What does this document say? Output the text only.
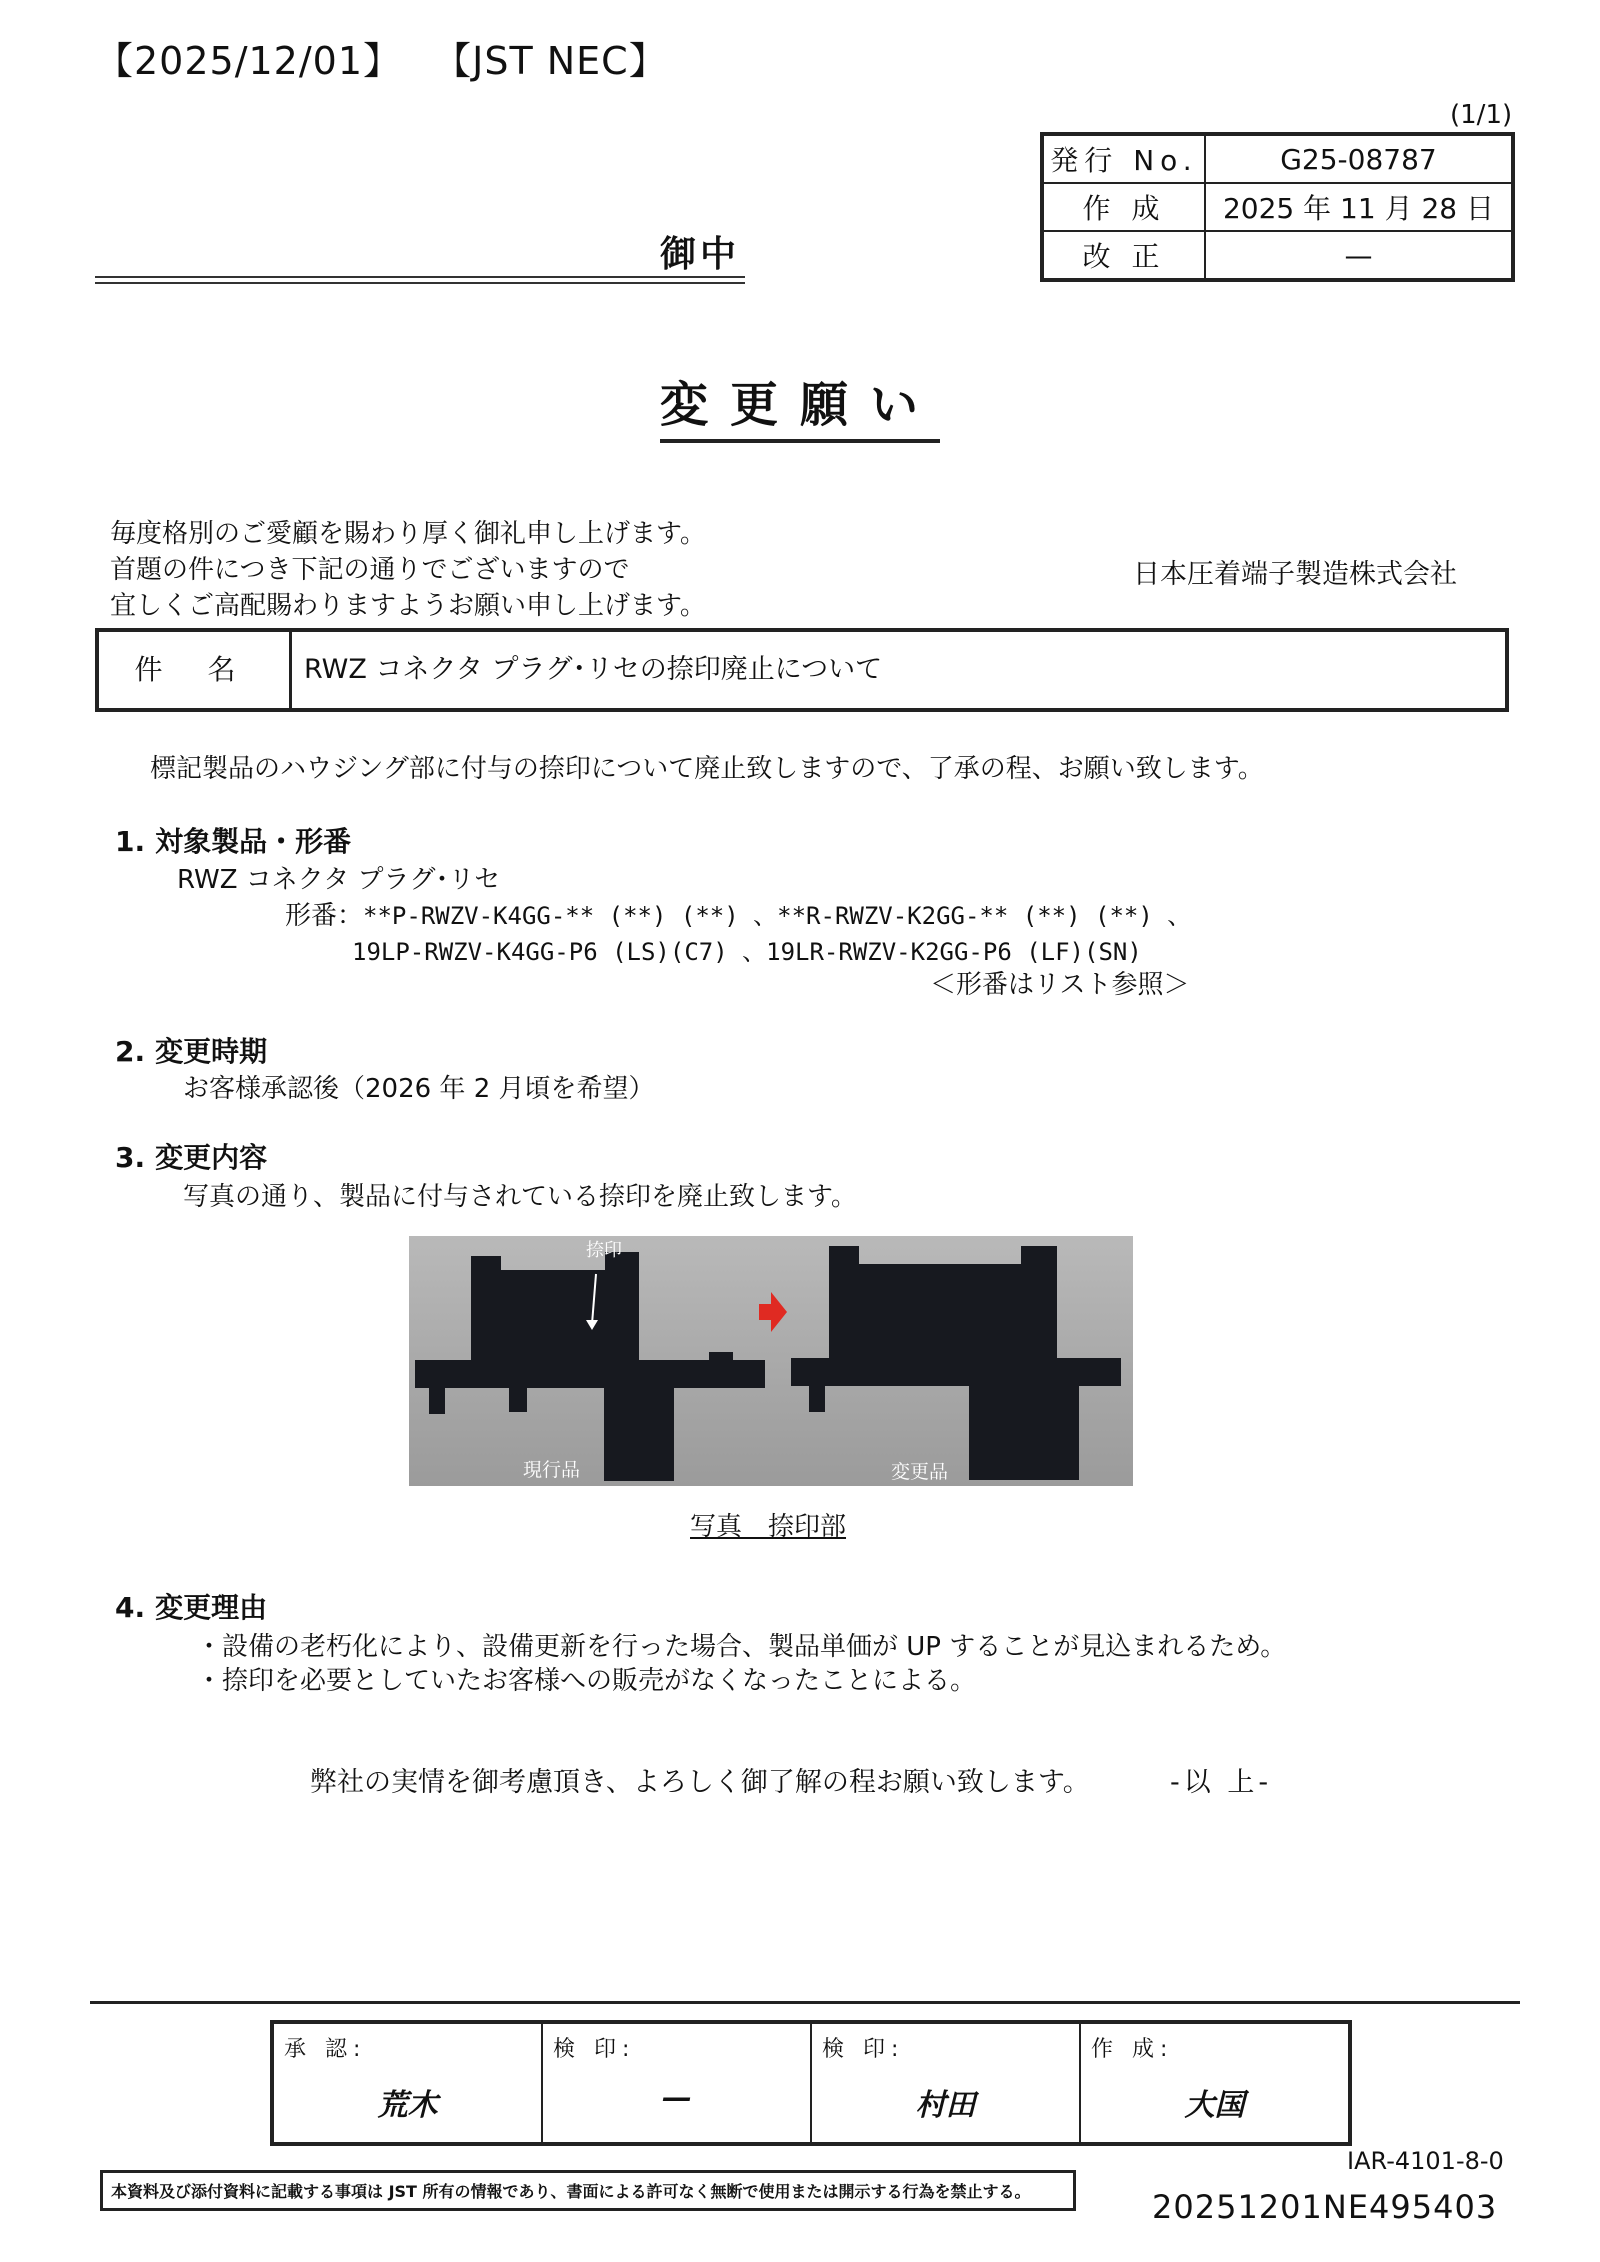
【2025/12/01】 【JST NEC】
(1/1)
発行 No.	G25-08787
作 成	2025 年 11 月 28 日
改 正	—
御中
変更願い
毎度格別のご愛顧を賜わり厚く御礼申し上げます。
首題の件につき下記の通りでございますので
宜しくご高配賜わりますようお願い申し上げます。
日本圧着端子製造株式会社
件 名	RWZ コネクタ プラグ･リセの捺印廃止について
標記製品のハウジング部に付与の捺印について廃止致しますので、了承の程、お願い致します。
1. 対象製品・形番
RWZ コネクタ プラグ･リセ
形番：**P-RWZV-K4GG-** (**) (**) 、**R-RWZV-K2GG-** (**) (**) 、
19LP-RWZV-K4GG-P6 (LS)(C7) 、19LR-RWZV-K2GG-P6 (LF)(SN)
＜形番はリスト参照＞
2. 変更時期
お客様承認後（2026 年 2 月頃を希望）
3. 変更内容
写真の通り、製品に付与されている捺印を廃止致します。
捺印
現行品	変更品
写真　捺印部
4. 変更理由
・設備の老朽化により、設備更新を行った場合、製品単価が UP することが見込まれるため。
・捺印を必要としていたお客様への販売がなくなったことによる。
弊社の実情を御考慮頂き、よろしく御了解の程お願い致します。	-以 上-
承 認:
荒木

検 印:
—

検 印:
村田

作 成:
大国
IAR-4101-8-0
本資料及び添付資料に記載する事項は JST 所有の情報であり、書面による許可なく無断で使用または開示する行為を禁止する。	20251201NE495403
